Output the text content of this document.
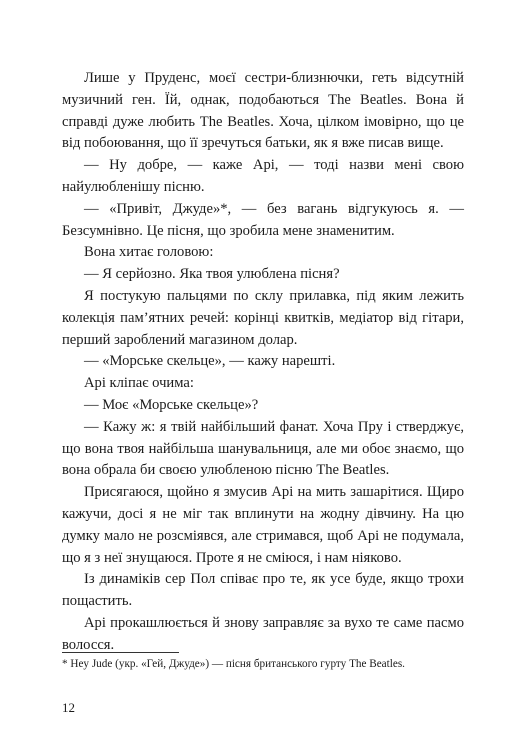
Лише у Пруденс, моєї сестри-близнючки, геть відсутній музичний ген. Їй, однак, подобаються The Beatles. Вона й справді дуже любить The Beatles. Хоча, цілком імовірно, що це від побоювання, що її зречуться батьки, як я вже писав вище.

— Ну добре, — каже Арі, — тоді назви мені свою найулюбленішу пісню.

— «Привіт, Джуде»*, — без вагань відгукуюсь я. — Безсумнівно. Це пісня, що зробила мене знаменитим.

Вона хитає головою:

— Я серйозно. Яка твоя улюблена пісня?

Я постукую пальцями по склу прилавка, під яким лежить колекція пам’ятних речей: корінці квитків, медіатор від гітари, перший зароблений магазином долар.

— «Морське скельце», — кажу нарешті.

Арі кліпає очима:

— Моє «Морське скельце»?

— Кажу ж: я твій найбільший фанат. Хоча Пру і стверджує, що вона твоя найбільша шанувальниця, але ми обоє знаємо, що вона обрала би своєю улюбленою пісню The Beatles.

Присягаюся, щойно я змусив Арі на мить зашарітися. Щиро кажучи, досі я не міг так вплинути на жодну дівчину. На цю думку мало не розсміявся, але стримався, щоб Арі не подумала, що я з неї знущаюся. Проте я не сміюся, і нам ніяково.

Із динаміків сер Пол співає про те, як усе буде, якщо трохи пощастить.

Арі прокашлюється й знову заправляє за вухо те саме пасмо волосся.

* Hey Jude (укр. «Гей, Джуде») — пісня британського гурту The Beatles.

12
